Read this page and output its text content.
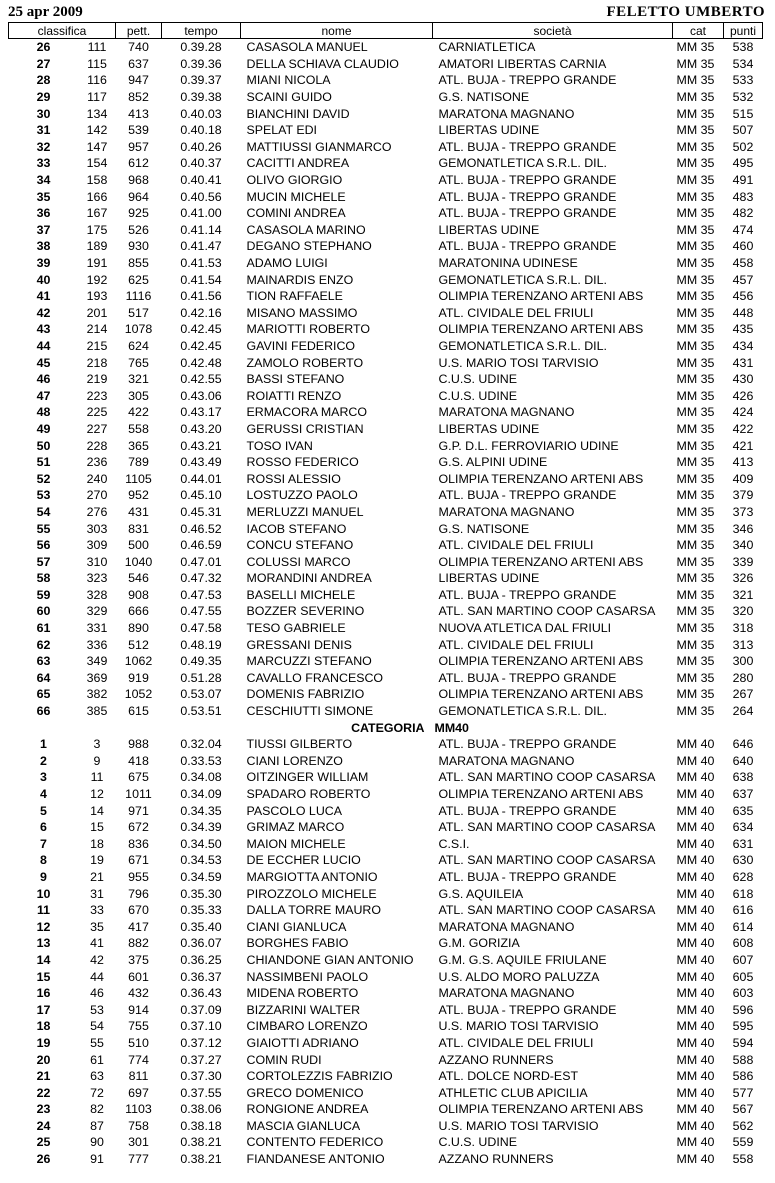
25 apr 2009	FELETTO UMBERTO
classifica		pett.	tempo	nome	società	cat	punti
26	111	740	0.39.28	CASASOLA MANUEL	CARNIATLETICA	MM 35	538
27	115	637	0.39.36	DELLA SCHIAVA CLAUDIO	AMATORI LIBERTAS CARNIA	MM 35	534
28	116	947	0.39.37	MIANI NICOLA	ATL. BUJA - TREPPO GRANDE	MM 35	533
29	117	852	0.39.38	SCAINI GUIDO	G.S. NATISONE	MM 35	532
30	134	413	0.40.03	BIANCHINI DAVID	MARATONA MAGNANO	MM 35	515
31	142	539	0.40.18	SPELAT EDI	LIBERTAS UDINE	MM 35	507
32	147	957	0.40.26	MATTIUSSI GIANMARCO	ATL. BUJA - TREPPO GRANDE	MM 35	502
33	154	612	0.40.37	CACITTI ANDREA	GEMONATLETICA S.R.L. DIL.	MM 35	495
34	158	968	0.40.41	OLIVO GIORGIO	ATL. BUJA - TREPPO GRANDE	MM 35	491
35	166	964	0.40.56	MUCIN MICHELE	ATL. BUJA - TREPPO GRANDE	MM 35	483
36	167	925	0.41.00	COMINI ANDREA	ATL. BUJA - TREPPO GRANDE	MM 35	482
37	175	526	0.41.14	CASASOLA MARINO	LIBERTAS UDINE	MM 35	474
38	189	930	0.41.47	DEGANO STEPHANO	ATL. BUJA - TREPPO GRANDE	MM 35	460
39	191	855	0.41.53	ADAMO LUIGI	MARATONINA UDINESE	MM 35	458
40	192	625	0.41.54	MAINARDIS ENZO	GEMONATLETICA S.R.L. DIL.	MM 35	457
41	193	1116	0.41.56	TION RAFFAELE	OLIMPIA TERENZANO ARTENI ABS	MM 35	456
42	201	517	0.42.16	MISANO MASSIMO	ATL. CIVIDALE DEL FRIULI	MM 35	448
43	214	1078	0.42.45	MARIOTTI ROBERTO	OLIMPIA TERENZANO ARTENI ABS	MM 35	435
44	215	624	0.42.45	GAVINI FEDERICO	GEMONATLETICA S.R.L. DIL.	MM 35	434
45	218	765	0.42.48	ZAMOLO ROBERTO	U.S. MARIO TOSI TARVISIO	MM 35	431
46	219	321	0.42.55	BASSI STEFANO	C.U.S. UDINE	MM 35	430
47	223	305	0.43.06	ROIATTI RENZO	C.U.S. UDINE	MM 35	426
48	225	422	0.43.17	ERMACORA MARCO	MARATONA MAGNANO	MM 35	424
49	227	558	0.43.20	GERUSSI CRISTIAN	LIBERTAS UDINE	MM 35	422
50	228	365	0.43.21	TOSO IVAN	G.P. D.L. FERROVIARIO UDINE	MM 35	421
51	236	789	0.43.49	ROSSO FEDERICO	G.S. ALPINI UDINE	MM 35	413
52	240	1105	0.44.01	ROSSI ALESSIO	OLIMPIA TERENZANO ARTENI ABS	MM 35	409
53	270	952	0.45.10	LOSTUZZO PAOLO	ATL. BUJA - TREPPO GRANDE	MM 35	379
54	276	431	0.45.31	MERLUZZI MANUEL	MARATONA MAGNANO	MM 35	373
55	303	831	0.46.52	IACOB STEFANO	G.S. NATISONE	MM 35	346
56	309	500	0.46.59	CONCU STEFANO	ATL. CIVIDALE DEL FRIULI	MM 35	340
57	310	1040	0.47.01	COLUSSI MARCO	OLIMPIA TERENZANO ARTENI ABS	MM 35	339
58	323	546	0.47.32	MORANDINI ANDREA	LIBERTAS UDINE	MM 35	326
59	328	908	0.47.53	BASELLI MICHELE	ATL. BUJA - TREPPO GRANDE	MM 35	321
60	329	666	0.47.55	BOZZER SEVERINO	ATL. SAN MARTINO COOP CASARSA	MM 35	320
61	331	890	0.47.58	TESO GABRIELE	NUOVA ATLETICA DAL FRIULI	MM 35	318
62	336	512	0.48.19	GRESSANI DENIS	ATL. CIVIDALE DEL FRIULI	MM 35	313
63	349	1062	0.49.35	MARCUZZI STEFANO	OLIMPIA TERENZANO ARTENI ABS	MM 35	300
64	369	919	0.51.28	CAVALLO FRANCESCO	ATL. BUJA - TREPPO GRANDE	MM 35	280
65	382	1052	0.53.07	DOMENIS FABRIZIO	OLIMPIA TERENZANO ARTENI ABS	MM 35	267
66	385	615	0.53.51	CESCHIUTTI SIMONE	GEMONATLETICA S.R.L. DIL.	MM 35	264
CATEGORIA					MM40		
1	3	988	0.32.04	TIUSSI GILBERTO	ATL. BUJA - TREPPO GRANDE	MM 40	646
2	9	418	0.33.53	CIANI LORENZO	MARATONA MAGNANO	MM 40	640
3	11	675	0.34.08	OITZINGER WILLIAM	ATL. SAN MARTINO COOP CASARSA	MM 40	638
4	12	1011	0.34.09	SPADARO ROBERTO	OLIMPIA TERENZANO ARTENI ABS	MM 40	637
5	14	971	0.34.35	PASCOLO LUCA	ATL. BUJA - TREPPO GRANDE	MM 40	635
6	15	672	0.34.39	GRIMAZ MARCO	ATL. SAN MARTINO COOP CASARSA	MM 40	634
7	18	836	0.34.50	MAION MICHELE	C.S.I.	MM 40	631
8	19	671	0.34.53	DE ECCHER LUCIO	ATL. SAN MARTINO COOP CASARSA	MM 40	630
9	21	955	0.34.59	MARGIOTTA ANTONIO	ATL. BUJA - TREPPO GRANDE	MM 40	628
10	31	796	0.35.30	PIROZZOLO MICHELE	G.S. AQUILEIA	MM 40	618
11	33	670	0.35.33	DALLA TORRE MAURO	ATL. SAN MARTINO COOP CASARSA	MM 40	616
12	35	417	0.35.40	CIANI GIANLUCA	MARATONA MAGNANO	MM 40	614
13	41	882	0.36.07	BORGHES FABIO	G.M. GORIZIA	MM 40	608
14	42	375	0.36.25	CHIANDONE GIAN ANTONIO	G.M. G.S. AQUILE FRIULANE	MM 40	607
15	44	601	0.36.37	NASSIMBENI PAOLO	U.S. ALDO MORO PALUZZA	MM 40	605
16	46	432	0.36.43	MIDENA ROBERTO	MARATONA MAGNANO	MM 40	603
17	53	914	0.37.09	BIZZARINI WALTER	ATL. BUJA - TREPPO GRANDE	MM 40	596
18	54	755	0.37.10	CIMBARO LORENZO	U.S. MARIO TOSI TARVISIO	MM 40	595
19	55	510	0.37.12	GIAIOTTI ADRIANO	ATL. CIVIDALE DEL FRIULI	MM 40	594
20	61	774	0.37.27	COMIN RUDI	AZZANO RUNNERS	MM 40	588
21	63	811	0.37.30	CORTOLEZZIS FABRIZIO	ATL. DOLCE NORD-EST	MM 40	586
22	72	697	0.37.55	GRECO DOMENICO	ATHLETIC CLUB APICILIA	MM 40	577
23	82	1103	0.38.06	RONGIONE ANDREA	OLIMPIA TERENZANO ARTENI ABS	MM 40	567
24	87	758	0.38.18	MASCIA GIANLUCA	U.S. MARIO TOSI TARVISIO	MM 40	562
25	90	301	0.38.21	CONTENTO FEDERICO	C.U.S. UDINE	MM 40	559
26	91	777	0.38.21	FIANDANESE ANTONIO	AZZANO RUNNERS	MM 40	558
